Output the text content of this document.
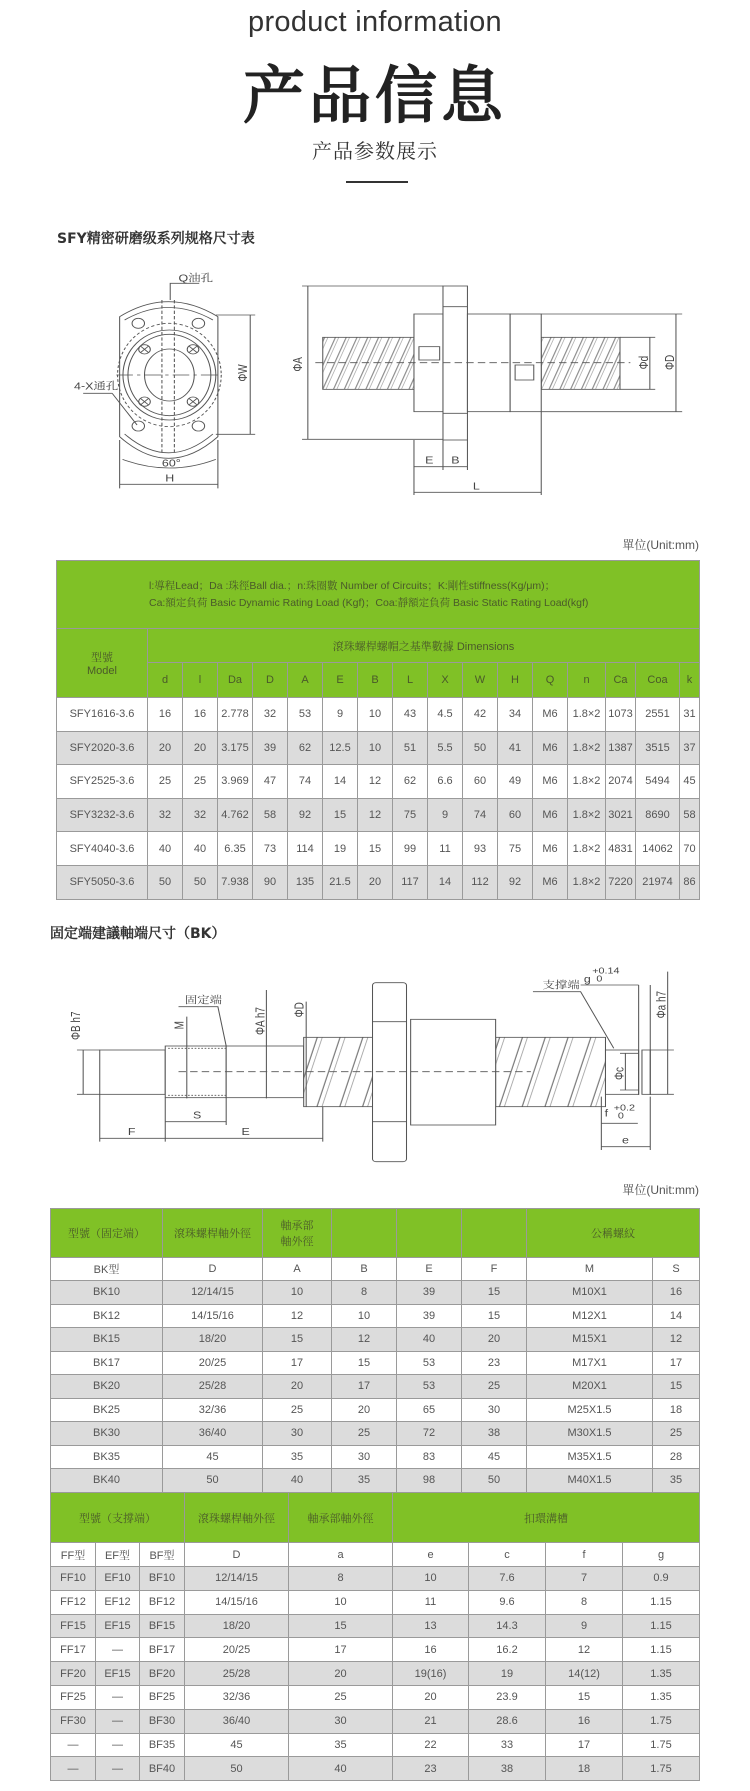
product information
产品信息
产品参数展示
SFY精密研磨级系列规格尺寸表
Q油孔
4-X通孔
60°
H
ΦW ΦA	Φd ΦD
E B
L
單位(Unit:mm)
l:導程Lead；Da :珠徑Ball dia.；n:珠圈數 Number of Circuits；K:剛性stiffness(Kg/μm)；
Ca:額定負荷 Basic Dynamic Rating Load (Kgf)；Coa:靜額定負荷 Basic Static Rating Load(kgf)																

型號
Model	滾珠螺桿螺帽之基準數據 Dimensions															
	d	l	Da	D	A	E	B	L	X	W	H	Q	n	Ca	Coa	k
SFY1616-3.6	16	16	2.778	32	53	9	10	43	4.5	42	34	M6	1.8×2	1073	2551	31
SFY2020-3.6	20	20	3.175	39	62	12.5	10	51	5.5	50	41	M6	1.8×2	1387	3515	37
SFY2525-3.6	25	25	3.969	47	74	14	12	62	6.6	60	49	M6	1.8×2	2074	5494	45
SFY3232-3.6	32	32	4.762	58	92	15	12	75	9	74	60	M6	1.8×2	3021	8690	58
SFY4040-3.6	40	40	6.35	73	114	19	15	99	11	93	75	M6	1.8×2	4831	14062	70
SFY5050-3.6	50	50	7.938	90	135	21.5	20	117	14	112	92	M6	1.8×2	7220	21974	86
固定端建議軸端尺寸（BK）
ΦB h7	M
固定端
ΦA h7 ΦD
S
F	E
支撑端
g
+0.14
0
Φa h7
Φc
f
+0.2
0
e
單位(Unit:mm)
型號（固定端）	滾珠螺桿軸外徑	軸承部
軸外徑				公稱螺紋	
BK型	D	A	B	E	F	M	S
BK10	12/14/15	10	8	39	15	M10X1	16
BK12	14/15/16	12	10	39	15	M12X1	14
BK15	18/20	15	12	40	20	M15X1	12
BK17	20/25	17	15	53	23	M17X1	17
BK20	25/28	20	17	53	25	M20X1	15
BK25	32/36	25	20	65	30	M25X1.5	18
BK30	36/40	30	25	72	38	M30X1.5	25
BK35	45	35	30	83	45	M35X1.5	28
BK40	50	40	35	98	50	M40X1.5	35
型號（支撐端）			滾珠螺桿軸外徑	軸承部軸外徑	扣環溝槽			
FF型	EF型	BF型	D	a	e	c	f	g
FF10	EF10	BF10	12/14/15	8	10	7.6	7	0.9
FF12	EF12	BF12	14/15/16	10	11	9.6	8	1.15
FF15	EF15	BF15	18/20	15	13	14.3	9	1.15
FF17	—	BF17	20/25	17	16	16.2	12	1.15
FF20	EF15	BF20	25/28	20	19(16)	19	14(12)	1.35
FF25	—	BF25	32/36	25	20	23.9	15	1.35
FF30	—	BF30	36/40	30	21	28.6	16	1.75
—	—	BF35	45	35	22	33	17	1.75
—	—	BF40	50	40	23	38	18	1.75
